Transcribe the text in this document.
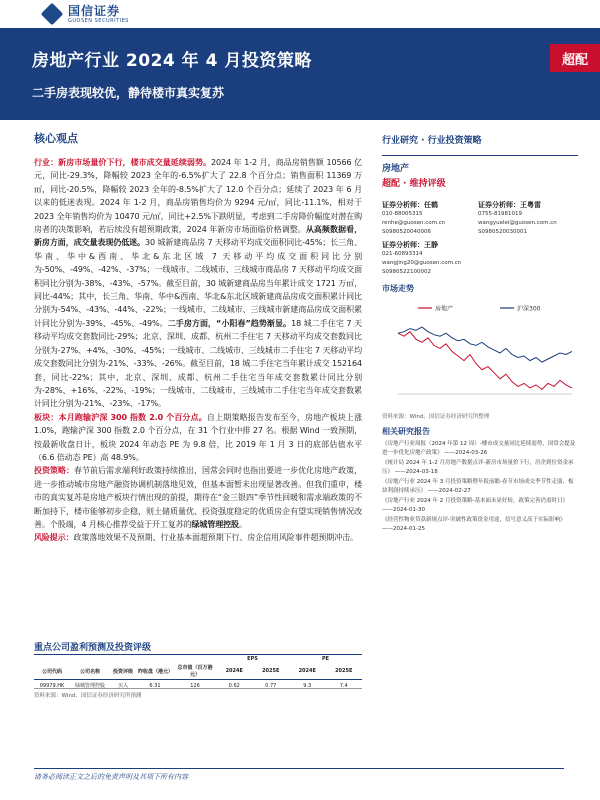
国信证券
GUOSEN SECURITIES
房地产行业 2024 年 4 月投资策略
二手房表现较优，静待楼市真实复苏
超配
核心观点
行业：新房市场量价下行，楼市成交量延续弱势。2024 年 1-2 月，商品房销售额 10566 亿元，同比-29.3%，降幅较 2023 全年的-6.5%扩大了 22.8 个百分点；销售面积 11369 万㎡，同比-20.5%，降幅较 2023 全年的-8.5%扩大了 12.0 个百分点；延续了 2023 年 6 月以来的低迷表现。2024 年 1-2 月，商品房销售均价为 9294 元/㎡，同比-11.1%，相对于 2023 全年销售均价为 10470 元/㎡，同比+2.5%下跌明显，考虑到二手房降价幅度对潜在购房者的决策影响，若后续没有超预期政策，2024 年新房市场面临价格调整。从高频数据看，新房方面，成交量表现仍低迷。30 城新建商品房 7 天移动平均成交面积同比-45%；长三角、华南、华中&西南、华北&东北区域 7 天移动平均成交面积同比分别为-50%、-49%、-42%、-37%；一线城市、二线城市、三线城市商品房 7 天移动平均成交面积同比分别为-38%、-43%、-57%。截至目前，30 城新建商品房当年累计成交 1721 万㎡，同比-44%；其中，长三角、华南、华中&西南、华北&东北区域新建商品房成交面积累计同比分别为-54%、-43%、-44%、-22%；一线城市、二线城市、三线城市新建商品房成交面积累计同比分别为-39%、-45%、-49%。二手房方面，“小阳春”趋势渐显。18 城二手住宅 7 天移动平均成交套数同比-29%；北京、深圳、成都、杭州二手住宅 7 天移动平均成交套数同比分别为-27%、+4%、-30%、-45%；一线城市、二线城市、三线城市二手住宅 7 天移动平均成交套数同比分别为-21%、-33%、-26%。截至目前，18 城二手住宅当年累计成交 152164 套，同比-22%；其中，北京、深圳、成都、杭州二手住宅当年成交套数累计同比分别为-28%、+16%、-22%、-19%；一线城市、二线城市、三线城市二手住宅当年成交套数累计同比分别为-21%、-23%、-17%。
板块：本月跑输沪深 300 指数 2.0 个百分点。自上期策略报告发布至今，房地产板块上涨 1.0%，跑输沪深 300 指数 2.0 个百分点，在 31 个行业中排 27 名。根据 Wind 一致预期，按最新收盘日计，板块 2024 年动态 PE 为 9.8 倍，比 2019 年 1 月 3 日的底部估值水平（6.6 倍动态 PE）高 48.9%。
投资策略：春节前后需求端利好政策持续推出，国常会同时也指出要进一步优化房地产政策，进一步推动城市房地产融资协调机制落地见效，但基本面暂未出现显著改善。但我们重申，楼市的真实复苏是房地产板块行情出现的前提，期待在“金三银四”季节性回暖和需求端政策的不断加持下，楼市能够初步企稳，则土储质量优、投资强度稳定的优质房企有望实现销售情况改善。个股端，4 月核心推荐受益于开工复苏的绿城管理控股。
风险提示：政策落地效果不及预期、行业基本面超预期下行、房企信用风险事件超预期冲击。
行业研究 · 行业投资策略
房地产
超配 · 维持评级
证券分析师：任鹤
010-88005315
renhe@guosen.com.cn
S0980520040006
证券分析师：王粤雷
0755-81981019
wangyuelei@guosen.com.cn
S0980520030001
证券分析师：王静
021-60893314
wangjing20@guosen.com.cn
S0980522100002
市场走势
房地产	沪深300
资料来源：Wind、国信证券经济研究所整理
相关研究报告
《房地产行业周报（2024 年第 12 周）-楼市成交量同比延续弱势，国常会提及进一步优化房地产政策》 ——2024-03-26
《统计局 2024 年 1-2 月房地产数据点评-新房市场量价下行，房企到位资金承压》 ——2024-03-18
《房地产行业 2024 年 3 月投资策略暨年报前瞻-春节市场成交季节性走弱，板块利润持续承压》 ——2024-02-27
《房地产行业 2024 年 2 月投资策略-基本面未显好转，政策完善仍需时日》 ——2024-01-30
《经营性物业贷款新规点评-突破性政策资金用途，信号意义高于实际影响》 ——2024-01-25
重点公司盈利预测及投资评级
					EPS		PE	
公司代码	公司名称	投资评级	昨收盘（港元）	总市值（百万港元）	2024E	2025E	2024E	2025E
09979.HK	绿城管理控股	买入	6.31	126	0.62	0.77	9.3	7.4
资料来源：Wind、国信证券经济研究所预测
请务必阅读正文之后的免责声明及其项下所有内容
